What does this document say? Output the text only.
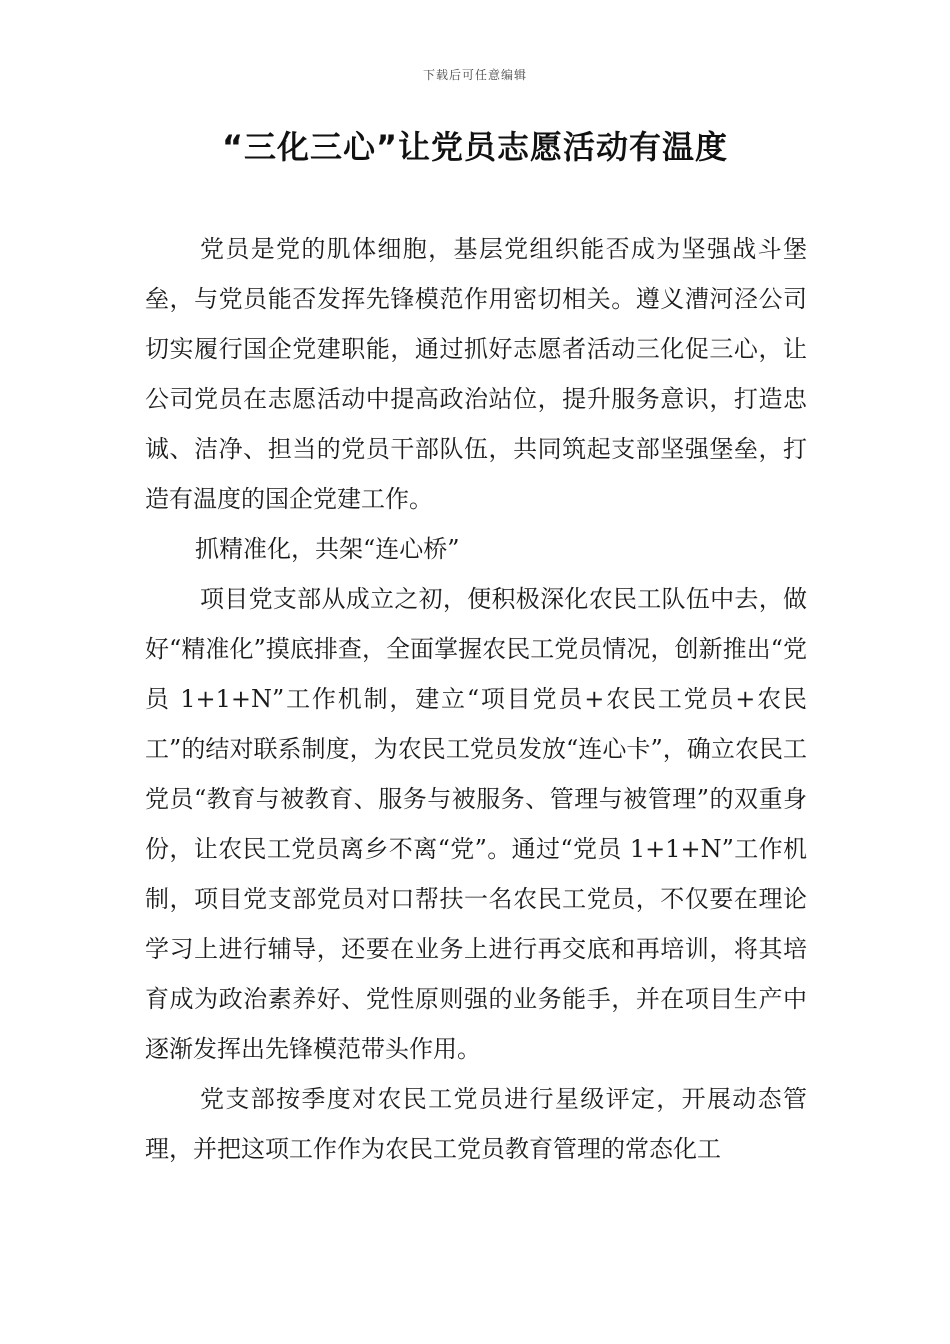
下载后可任意编辑
“三化三心”让党员志愿活动有温度

党员是党的肌体细胞，基层党组织能否成为坚强战斗堡垒，与党员能否发挥先锋模范作用密切相关。遵义漕河泾公司切实履行国企党建职能，通过抓好志愿者活动三化促三心，让公司党员在志愿活动中提高政治站位，提升服务意识，打造忠诚、洁净、担当的党员干部队伍，共同筑起支部坚强堡垒，打造有温度的国企党建工作。

抓精准化，共架“连心桥”

项目党支部从成立之初，便积极深化农民工队伍中去，做好“精准化”摸底排查，全面掌握农民工党员情况，创新推出“党员 1+1+N”工作机制，建立“项目党员+农民工党员+农民工”的结对联系制度，为农民工党员发放“连心卡”，确立农民工党员“教育与被教育、服务与被服务、管理与被管理”的双重身份，让农民工党员离乡不离“党”。通过“党员 1+1+N”工作机制，项目党支部党员对口帮扶一名农民工党员，不仅要在理论学习上进行辅导，还要在业务上进行再交底和再培训，将其培育成为政治素养好、党性原则强的业务能手，并在项目生产中逐渐发挥出先锋模范带头作用。

党支部按季度对农民工党员进行星级评定，开展动态管理，并把这项工作作为农民工党员教育管理的常态化工
